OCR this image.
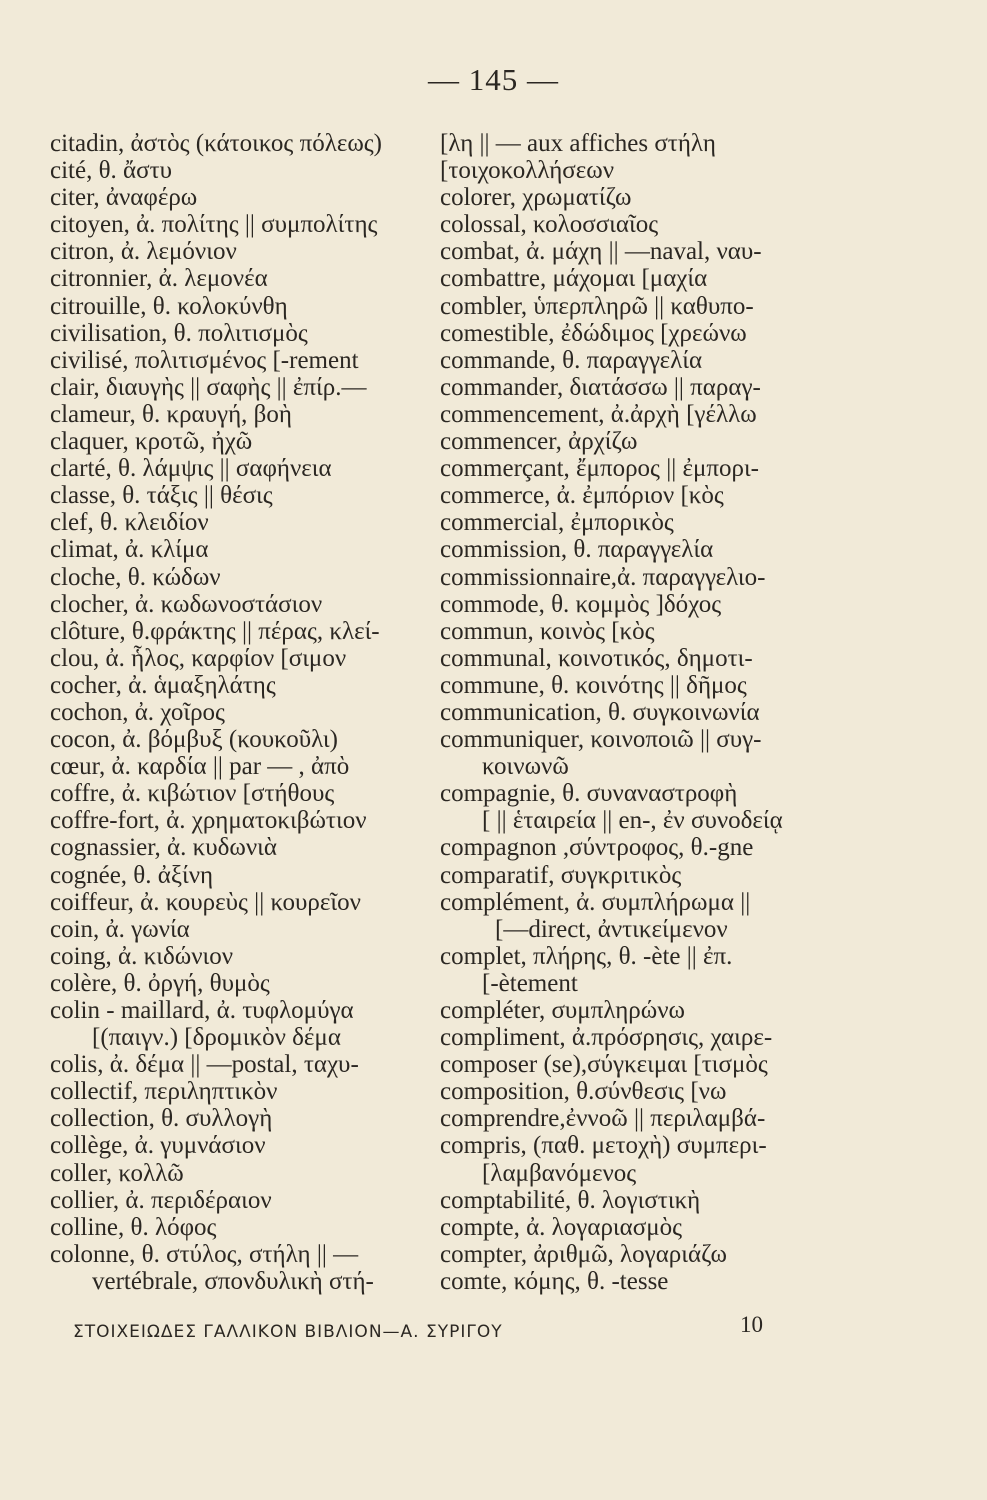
— 145 —
citadin, ἀστὸς (κάτοικος πόλεως)
cité, θ. ἄστυ
citer, ἀναφέρω
citoyen, ἀ. πολίτης || συμπολίτης
citron, ἀ. λεμόνιον
citronnier, ἀ. λεμονέα
citrouille, θ. κολοκύνθη
civilisation, θ. πολιτισμὸς
civilisé, πολιτισμένος [-rement
clair, διαυγὴς || σαφὴς || ἐπίρ.—
clameur, θ. κραυγή, βοὴ
claquer, κροτῶ, ἠχῶ
clarté, θ. λάμψις || σαφήνεια
classe, θ. τάξις || θέσις
clef, θ. κλειδίον
climat, ἀ. κλίμα
cloche, θ. κώδων
clocher, ἀ. κωδωνοστάσιον
clôture, θ.φράκτης || πέρας, κλεί-
clou, ἀ. ἧλος, καρφίον [σιμον
cocher, ἀ. ἁμαξηλάτης
cochon, ἀ. χοῖρος
cocon, ἀ. βόμβυξ (κουκοῦλι)
cœur, ἀ. καρδία || par — , ἀπὸ
coffre, ἀ. κιβώτιον [στήθους
coffre-fort, ἀ. χρηματοκιβώτιον
cognassier, ἀ. κυδωνιὰ
cognée, θ. ἀξίνη
coiffeur, ἀ. κουρεὺς || κουρεῖον
coin, ἀ. γωνία
coing, ἀ. κιδώνιον
colère, θ. ὀργή, θυμὸς
colin - maillard, ἀ. τυφλομύγα
[(παιγν.) [δρομικὸν δέμα
colis, ἀ. δέμα || —postal, ταχυ-
collectif, περιληπτικὸν
collection, θ. συλλογὴ
collège, ἀ. γυμνάσιον
coller, κολλῶ
collier, ἀ. περιδέραιον
colline, θ. λόφος
colonne, θ. στύλος, στήλη || —
vertébrale, σπονδυλικὴ στή-
[λη || — aux affiches στήλη
[τοιχοκολλήσεων
colorer, χρωματίζω
colossal, κολοσσιαῖος
combat, ἀ. μάχη || —naval, ναυ-
combattre, μάχομαι [μαχία
combler, ὑπερπληρῶ || καθυπο-
comestible, ἐδώδιμος [χρεώνω
commande, θ. παραγγελία
commander, διατάσσω || παραγ-
commencement, ἀ.ἀρχὴ [γέλλω
commencer, ἀρχίζω
commerçant, ἔμπορος || ἐμπορι-
commerce, ἀ. ἐμπόριον [κὸς
commercial, ἐμπορικὸς
commission, θ. παραγγελία
commissionnaire,ἀ. παραγγελιο-
commode, θ. κομμὸς ]δόχος
commun, κοινὸς [κὸς
communal, κοινοτικός, δημοτι-
commune, θ. κοινότης || δῆμος
communication, θ. συγκοινωνία
communiquer, κοινοποιῶ || συγ-
κοινωνῶ
compagnie, θ. συναναστροφὴ
[ || ἑταιρεία || en-, ἐν συνοδείᾳ
compagnon ,σύντροφος, θ.-gne
comparatif, συγκριτικὸς
complément, ἀ. συμπλήρωμα ||
[—direct, ἀντικείμενον
complet, πλήρης, θ. -ète || ἐπ.
[-ètement
compléter, συμπληρώνω
compliment, ἀ.πρόσρησις, χαιρε-
composer (se),σύγκειμαι [τισμὸς
composition, θ.σύνθεσις [νω
comprendre,ἐννοῶ || περιλαμβά-
compris, (παθ. μετοχὴ) συμπερι-
[λαμβανόμενος
comptabilité, θ. λογιστικὴ
compte, ἀ. λογαριασμὸς
compter, ἀριθμῶ, λογαριάζω
comte, κόμης, θ. -tesse
ΣΤΟΙΧΕΙΩΔΕΣ ΓΑΛΛΙΚΟΝ ΒΙΒΛΙΟΝ—Α. ΣΥΡΙΓΟΥ	10
